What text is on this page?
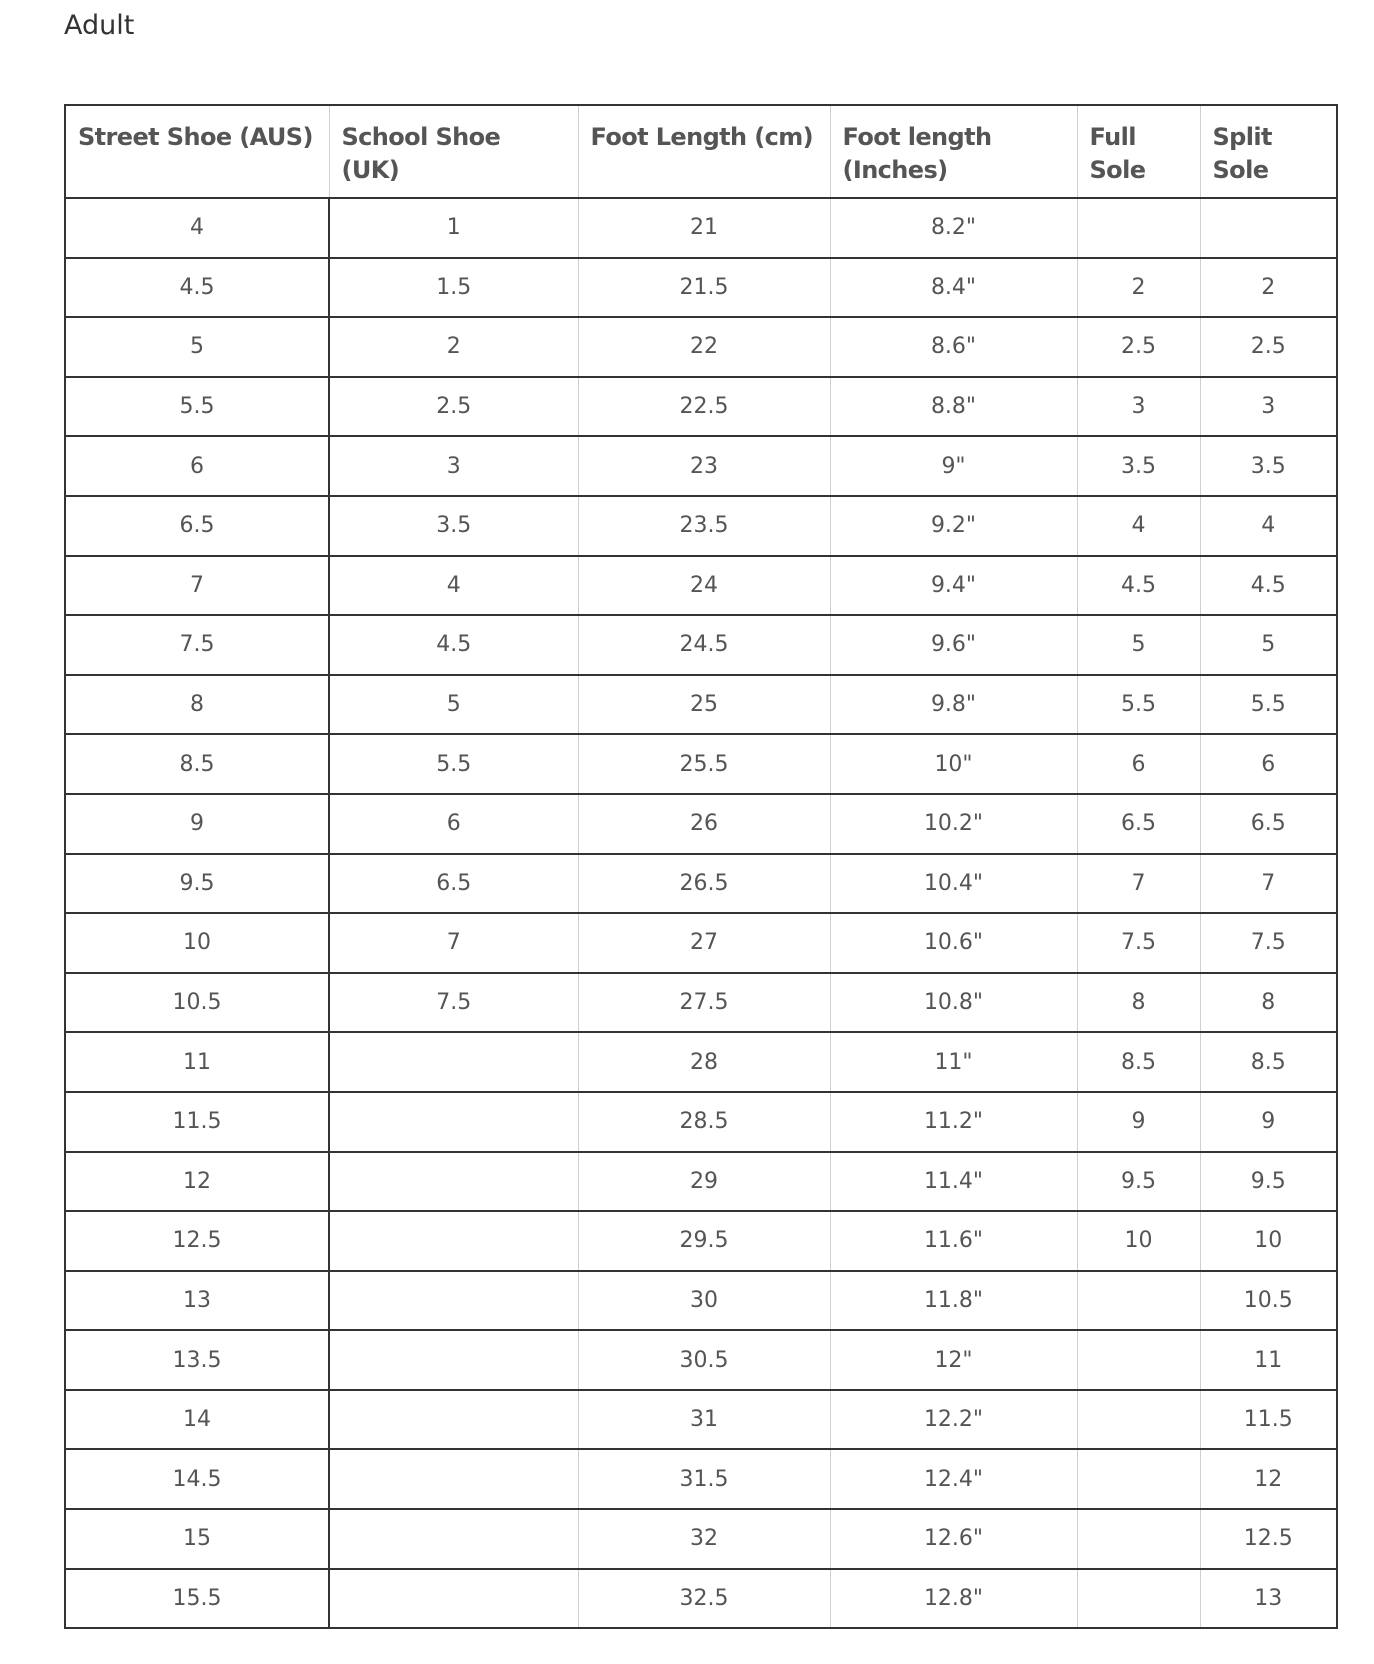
Adult
Street Shoe (AUS)	School Shoe (UK)	Foot Length (cm)	Foot length (Inches)	Full Sole	Split Sole
4	1	21	8.2"		
4.5	1.5	21.5	8.4"	2	2
5	2	22	8.6"	2.5	2.5
5.5	2.5	22.5	8.8"	3	3
6	3	23	9"	3.5	3.5
6.5	3.5	23.5	9.2"	4	4
7	4	24	9.4"	4.5	4.5
7.5	4.5	24.5	9.6"	5	5
8	5	25	9.8"	5.5	5.5
8.5	5.5	25.5	10"	6	6
9	6	26	10.2"	6.5	6.5
9.5	6.5	26.5	10.4"	7	7
10	7	27	10.6"	7.5	7.5
10.5	7.5	27.5	10.8"	8	8
11		28	11"	8.5	8.5
11.5		28.5	11.2"	9	9
12		29	11.4"	9.5	9.5
12.5		29.5	11.6"	10	10
13		30	11.8"		10.5
13.5		30.5	12"		11
14		31	12.2"		11.5
14.5		31.5	12.4"		12
15		32	12.6"		12.5
15.5		32.5	12.8"		13
